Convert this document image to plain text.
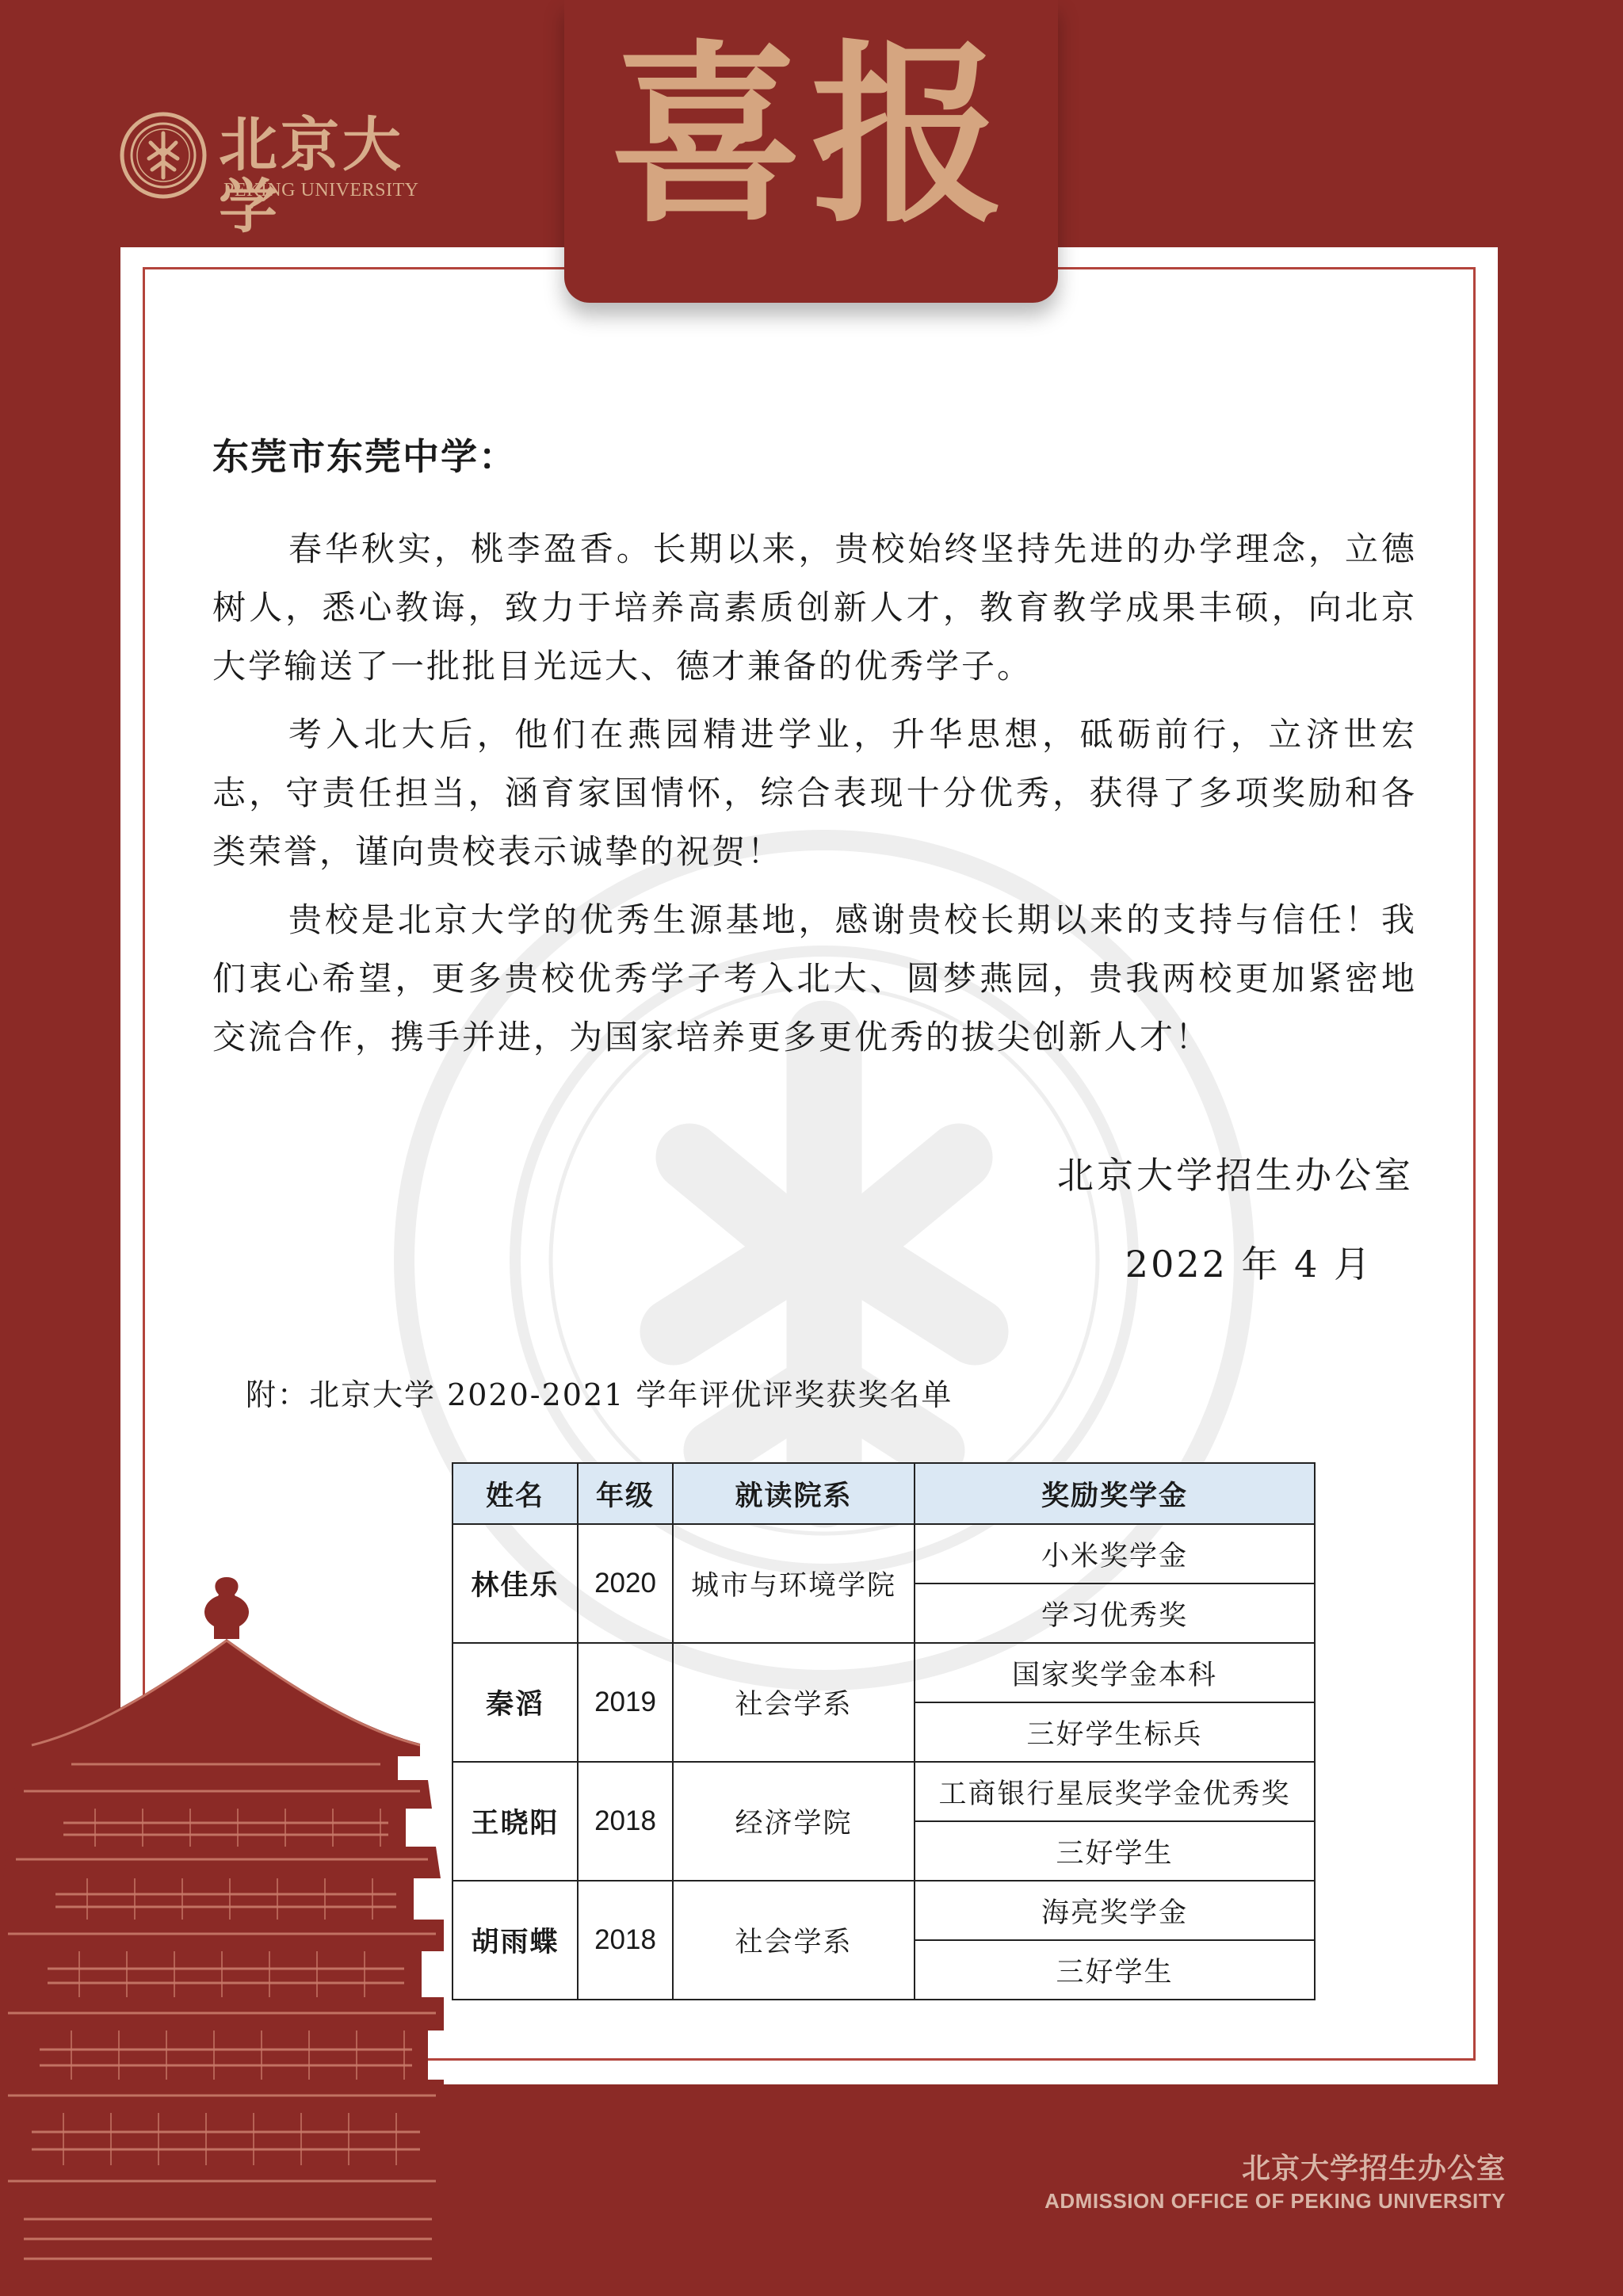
北京大学
PEKING UNIVERSITY 喜报
东莞市东莞中学：

春华秋实，桃李盈香。长期以来，贵校始终坚持先进的办学理念，立德树人，悉心教诲，致力于培养高素质创新人才，教育教学成果丰硕，向北京大学输送了一批批目光远大、德才兼备的优秀学子。

考入北大后，他们在燕园精进学业，升华思想，砥砺前行，立济世宏志，守责任担当，涵育家国情怀，综合表现十分优秀，获得了多项奖励和各类荣誉，谨向贵校表示诚挚的祝贺！

贵校是北京大学的优秀生源基地，感谢贵校长期以来的支持与信任！我们衷心希望，更多贵校优秀学子考入北大、圆梦燕园，贵我两校更加紧密地交流合作，携手并进，为国家培养更多更优秀的拔尖创新人才！

北京大学招生办公室
2022 年 4 月
附：北京大学 2020-2021 学年评优评奖获奖名单
姓名	年级	就读院系	奖励奖学金
林佳乐	2020	城市与环境学院	小米奖学金
			学习优秀奖
秦滔	2019	社会学系	国家奖学金本科
			三好学生标兵
王晓阳	2018	经济学院	工商银行星辰奖学金优秀奖
			三好学生
胡雨蝶	2018	社会学系	海亮奖学金
			三好学生
北京大学招生办公室
ADMISSION OFFICE OF PEKING UNIVERSITY
